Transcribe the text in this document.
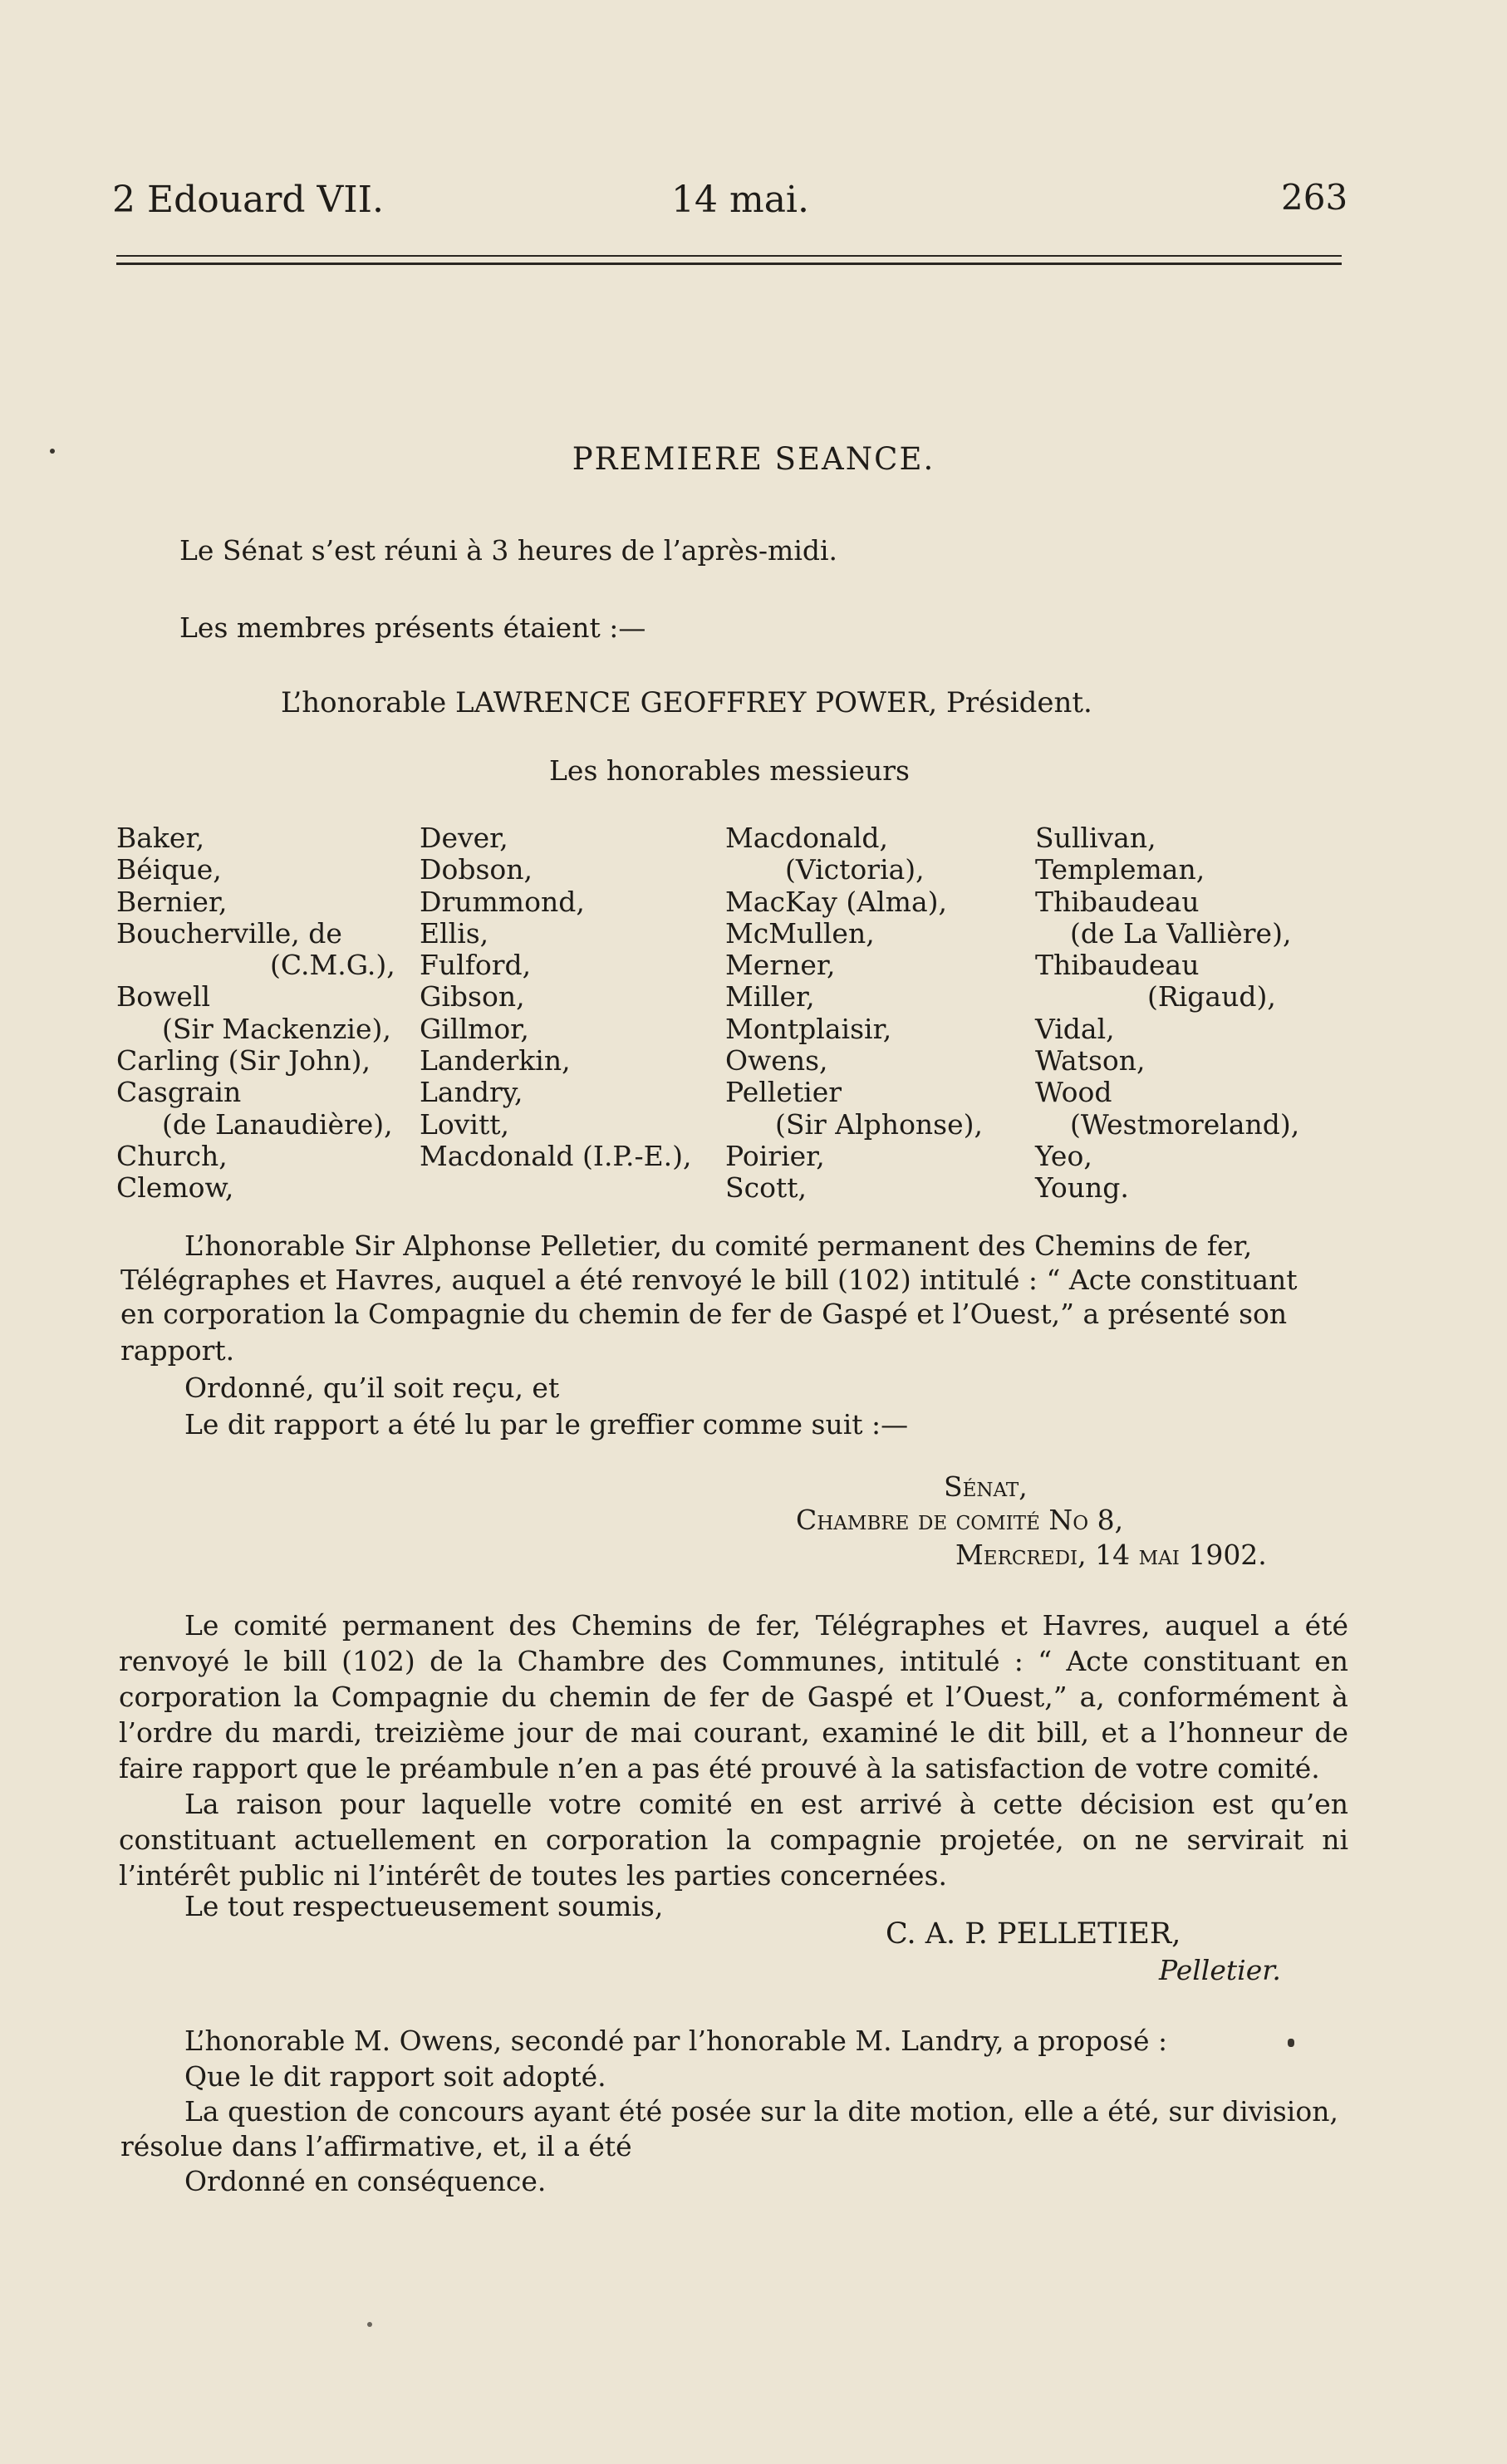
2 Edouard VII.	14 mai.	263
PREMIERE SEANCE.
Le Sénat s’est réuni à 3 heures de l’après-midi.
Les membres présents étaient :—
L’honorable LAWRENCE GEOFFREY POWER, Président.
Les honorables messieurs
Baker,
Béique,
Bernier,
Boucherville, de
(C.M.G.),
Bowell
(Sir Mackenzie),
Carling (Sir John),
Casgrain
(de Lanaudière),
Church,
Clemow,
Dever,
Dobson,
Drummond,
Ellis,
Fulford,
Gibson,
Gillmor,
Landerkin,
Landry,
Lovitt,
Macdonald (I.P.-E.),
Macdonald,
(Victoria),
MacKay (Alma),
McMullen,
Merner,
Miller,
Montplaisir,
Owens,
Pelletier
(Sir Alphonse),
Poirier,
Scott,
Sullivan,
Templeman,
Thibaudeau
(de La Vallière),
Thibaudeau
(Rigaud),
Vidal,
Watson,
Wood
(Westmoreland),
Yeo,
Young.
L’honorable Sir Alphonse Pelletier, du comité permanent des Chemins de fer,
Télégraphes et Havres, auquel a été renvoyé le bill (102) intitulé : “ Acte constituant
en corporation la Compagnie du chemin de fer de Gaspé et l’Ouest,” a présenté son
rapport.
Ordonné, qu’il soit reçu, et
Le dit rapport a été lu par le greffier comme suit :—
Sénat,
Chambre de comité No 8,
Mercredi, 14 mai 1902.
Le comité permanent des Chemins de fer, Télégraphes et Havres, auquel a été renvoyé le bill (102) de la Chambre des Communes, intitulé : “ Acte constituant en corporation la Compagnie du chemin de fer de Gaspé et l’Ouest,” a, conformément à l’ordre du mardi, treizième jour de mai courant, examiné le dit bill, et a l’honneur de faire rapport que le préambule n’en a pas été prouvé à la satisfaction de votre comité.
La raison pour laquelle votre comité en est arrivé à cette décision est qu’en constituant actuellement en corporation la compagnie projetée, on ne servirait ni l’intérêt public ni l’intérêt de toutes les parties concernées.
Le tout respectueusement soumis,
C. A. P. PELLETIER,
Pelletier.
L’honorable M. Owens, secondé par l’honorable M. Landry, a proposé :
Que le dit rapport soit adopté.
La question de concours ayant été posée sur la dite motion, elle a été, sur division,
résolue dans l’affirmative, et, il a été
Ordonné en conséquence.
